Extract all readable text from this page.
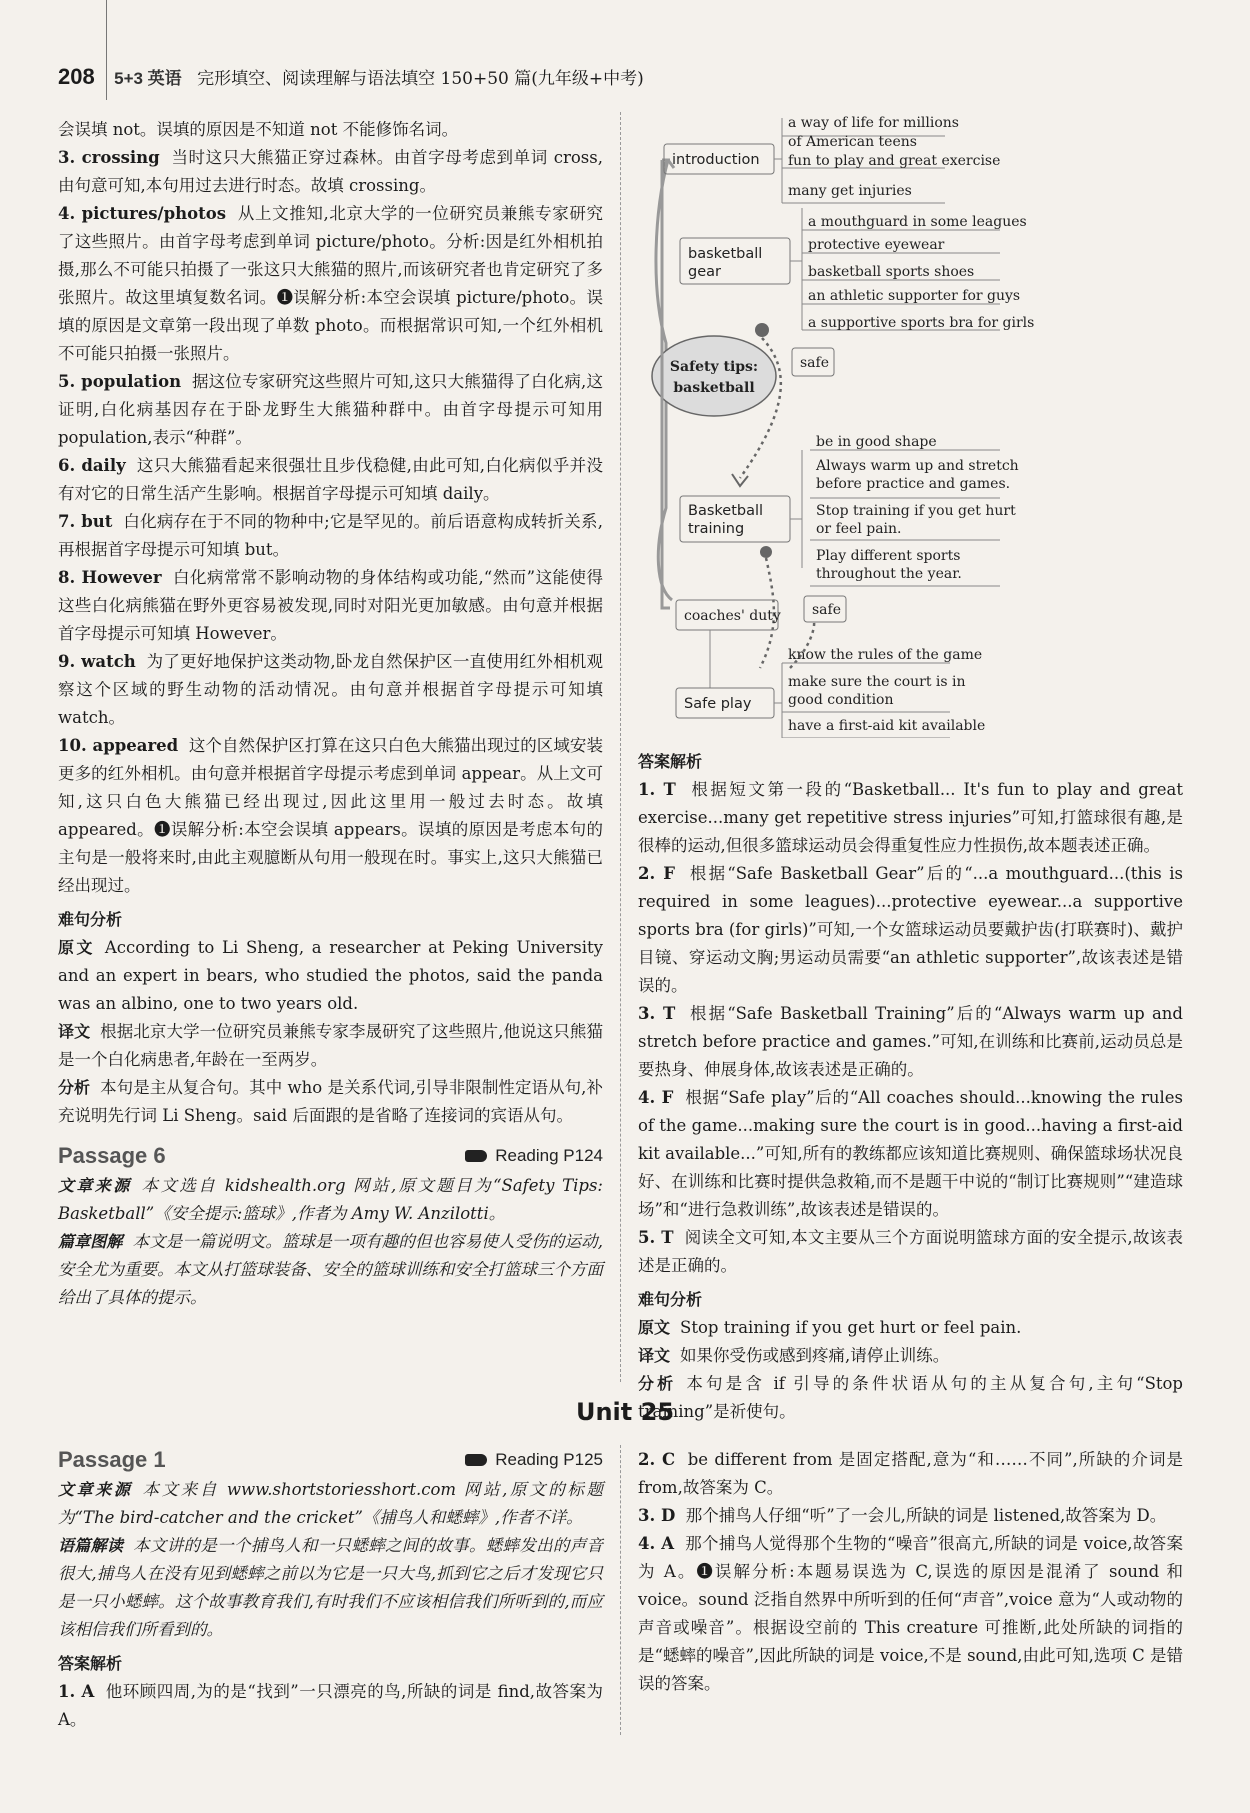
208 5+3 英语 完形填空、阅读理解与语法填空 150+50 篇(九年级+中考)

会误填 not。误填的原因是不知道 not 不能修饰名词。

3. crossing 当时这只大熊猫正穿过森林。由首字母考虑到单词 cross,由句意可知,本句用过去进行时态。故填 crossing。

4. pictures/photos 从上文推知,北京大学的一位研究员兼熊专家研究了这些照片。由首字母考虑到单词 picture/photo。分析:因是红外相机拍摄,那么不可能只拍摄了一张这只大熊猫的照片,而该研究者也肯定研究了多张照片。故这里填复数名词。❶误解分析:本空会误填 picture/photo。误填的原因是文章第一段出现了单数 photo。而根据常识可知,一个红外相机不可能只拍摄一张照片。

5. population 据这位专家研究这些照片可知,这只大熊猫得了白化病,这证明,白化病基因存在于卧龙野生大熊猫种群中。由首字母提示可知用 population,表示“种群”。

6. daily 这只大熊猫看起来很强壮且步伐稳健,由此可知,白化病似乎并没有对它的日常生活产生影响。根据首字母提示可知填 daily。

7. but 白化病存在于不同的物种中;它是罕见的。前后语意构成转折关系,再根据首字母提示可知填 but。

8. However 白化病常常不影响动物的身体结构或功能,“然而”这能使得这些白化病熊猫在野外更容易被发现,同时对阳光更加敏感。由句意并根据首字母提示可知填 However。

9. watch 为了更好地保护这类动物,卧龙自然保护区一直使用红外相机观察这个区域的野生动物的活动情况。由句意并根据首字母提示可知填 watch。

10. appeared 这个自然保护区打算在这只白色大熊猫出现过的区域安装更多的红外相机。由句意并根据首字母提示考虑到单词 appear。从上文可知,这只白色大熊猫已经出现过,因此这里用一般过去时态。故填 appeared。❶误解分析:本空会误填 appears。误填的原因是考虑本句的主句是一般将来时,由此主观臆断从句用一般现在时。事实上,这只大熊猫已经出现过。

难句分析

原文 According to Li Sheng, a researcher at Peking University and an expert in bears, who studied the photos, said the panda was an albino, one to two years old.

译文 根据北京大学一位研究员兼熊专家李晟研究了这些照片,他说这只熊猫是一个白化病患者,年龄在一至两岁。

分析 本句是主从复合句。其中 who 是关系代词,引导非限制性定语从句,补充说明先行词 Li Sheng。said 后面跟的是省略了连接词的宾语从句。

Passage 6	Reading P124

文章来源 本文选自 kidshealth.org 网站,原文题目为“Safety Tips: Basketball”《安全提示:篮球》,作者为 Amy W. Anzilotti。

篇章图解 本文是一篇说明文。篮球是一项有趣的但也容易使人受伤的运动,安全尤为重要。本文从打篮球装备、安全的篮球训练和安全打篮球三个方面给出了具体的提示。

Safety tips:
basketball
introduction
a way of life for millions
of American teens
fun to play and great exercise
many get injuries
basketball
gear
a mouthguard in some leagues
protective eyewear
basketball sports shoes
an athletic supporter for guys
a supportive sports bra for girls
safe
Basketball
training
be in good shape
Always warm up and stretch
before practice and games.
Stop training if you get hurt
or feel pain.
Play different sports
throughout the year.
safe
coaches' duty
Safe play
know the rules of the game
make sure the court is in
good condition
have a first-aid kit available
答案解析

1. T 根据短文第一段的“Basketball... It's fun to play and great exercise...many get repetitive stress injuries”可知,打篮球很有趣,是很棒的运动,但很多篮球运动员会得重复性应力性损伤,故本题表述正确。

2. F 根据“Safe Basketball Gear”后的“...a mouthguard...(this is required in some leagues)...protective eyewear...a supportive sports bra (for girls)”可知,一个女篮球运动员要戴护齿(打联赛时)、戴护目镜、穿运动文胸;男运动员需要“an athletic supporter”,故该表述是错误的。

3. T 根据“Safe Basketball Training”后的“Always warm up and stretch before practice and games.”可知,在训练和比赛前,运动员总是要热身、伸展身体,故该表述是正确的。

4. F 根据“Safe play”后的“All coaches should...knowing the rules of the game...making sure the court is in good...having a first-aid kit available...”可知,所有的教练都应该知道比赛规则、确保篮球场状况良好、在训练和比赛时提供急救箱,而不是题干中说的“制订比赛规则”“建造球场”和“进行急救训练”,故该表述是错误的。

5. T 阅读全文可知,本文主要从三个方面说明篮球方面的安全提示,故该表述是正确的。

难句分析

原文 Stop training if you get hurt or feel pain.

译文 如果你受伤或感到疼痛,请停止训练。

分析 本句是含 if 引导的条件状语从句的主从复合句,主句“Stop training”是祈使句。

Unit 25
Passage 1	Reading P125

文章来源 本文来自 www.shortstoriesshort.com 网站,原文的标题为“The bird-catcher and the cricket”《捕鸟人和蟋蟀》,作者不详。

语篇解读 本文讲的是一个捕鸟人和一只蟋蟀之间的故事。蟋蟀发出的声音很大,捕鸟人在没有见到蟋蟀之前以为它是一只大鸟,抓到它之后才发现它只是一只小蟋蟀。这个故事教育我们,有时我们不应该相信我们所听到的,而应该相信我们所看到的。

答案解析

1. A 他环顾四周,为的是“找到”一只漂亮的鸟,所缺的词是 find,故答案为 A。

2. C be different from 是固定搭配,意为“和……不同”,所缺的介词是 from,故答案为 C。

3. D 那个捕鸟人仔细“听”了一会儿,所缺的词是 listened,故答案为 D。

4. A 那个捕鸟人觉得那个生物的“噪音”很高亢,所缺的词是 voice,故答案为 A。❶误解分析:本题易误选为 C,误选的原因是混淆了 sound 和 voice。sound 泛指自然界中所听到的任何“声音”,voice 意为“人或动物的声音或噪音”。根据设空前的 This creature 可推断,此处所缺的词指的是“蟋蟀的噪音”,因此所缺的词是 voice,不是 sound,由此可知,选项 C 是错误的答案。
